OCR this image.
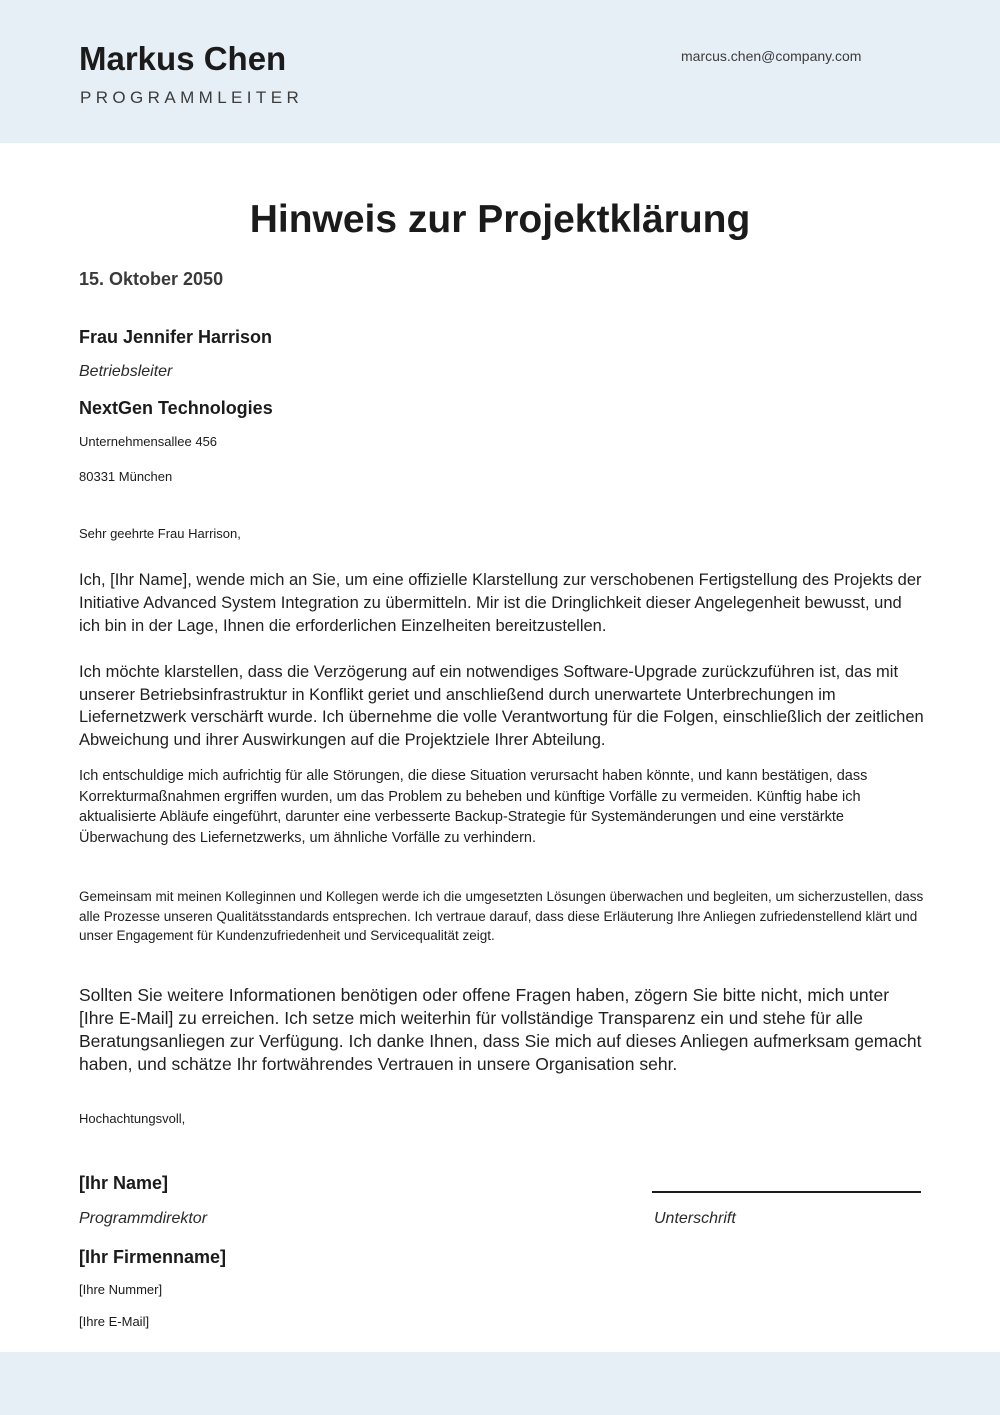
Markus Chen
PROGRAMMLEITER
marcus.chen@company.com
Hinweis zur Projektklärung
15. Oktober 2050
Frau Jennifer Harrison
Betriebsleiter
NextGen Technologies
Unternehmensallee 456
80331 München
Sehr geehrte Frau Harrison,

Ich, [Ihr Name], wende mich an Sie, um eine offizielle Klarstellung zur verschobenen Fertigstellung des Projekts der Initiative Advanced System Integration zu übermitteln. Mir ist die Dringlichkeit dieser Angelegenheit bewusst, und ich bin in der Lage, Ihnen die erforderlichen Einzelheiten bereitzustellen.

Ich möchte klarstellen, dass die Verzögerung auf ein notwendiges Software-Upgrade zurückzuführen ist, das mit unserer Betriebsinfrastruktur in Konflikt geriet und anschließend durch unerwartete Unterbrechungen im Liefernetzwerk verschärft wurde. Ich übernehme die volle Verantwortung für die Folgen, einschließlich der zeitlichen Abweichung und ihrer Auswirkungen auf die Projektziele Ihrer Abteilung.

Ich entschuldige mich aufrichtig für alle Störungen, die diese Situation verursacht haben könnte, und kann bestätigen, dass Korrekturmaßnahmen ergriffen wurden, um das Problem zu beheben und künftige Vorfälle zu vermeiden. Künftig habe ich aktualisierte Abläufe eingeführt, darunter eine verbesserte Backup-Strategie für Systemänderungen und eine verstärkte Überwachung des Liefernetzwerks, um ähnliche Vorfälle zu verhindern.

Gemeinsam mit meinen Kolleginnen und Kollegen werde ich die umgesetzten Lösungen überwachen und begleiten, um sicherzustellen, dass alle Prozesse unseren Qualitätsstandards entsprechen. Ich vertraue darauf, dass diese Erläuterung Ihre Anliegen zufriedenstellend klärt und unser Engagement für Kundenzufriedenheit und Servicequalität zeigt.

Sollten Sie weitere Informationen benötigen oder offene Fragen haben, zögern Sie bitte nicht, mich unter [Ihre E-Mail] zu erreichen. Ich setze mich weiterhin für vollständige Transparenz ein und stehe für alle Beratungsanliegen zur Verfügung. Ich danke Ihnen, dass Sie mich auf dieses Anliegen aufmerksam gemacht haben, und schätze Ihr fortwährendes Vertrauen in unsere Organisation sehr.

Hochachtungsvoll,
[Ihr Name]
Programmdirektor
[Ihr Firmenname]
[Ihre Nummer]
[Ihre E-Mail]
Unterschrift
